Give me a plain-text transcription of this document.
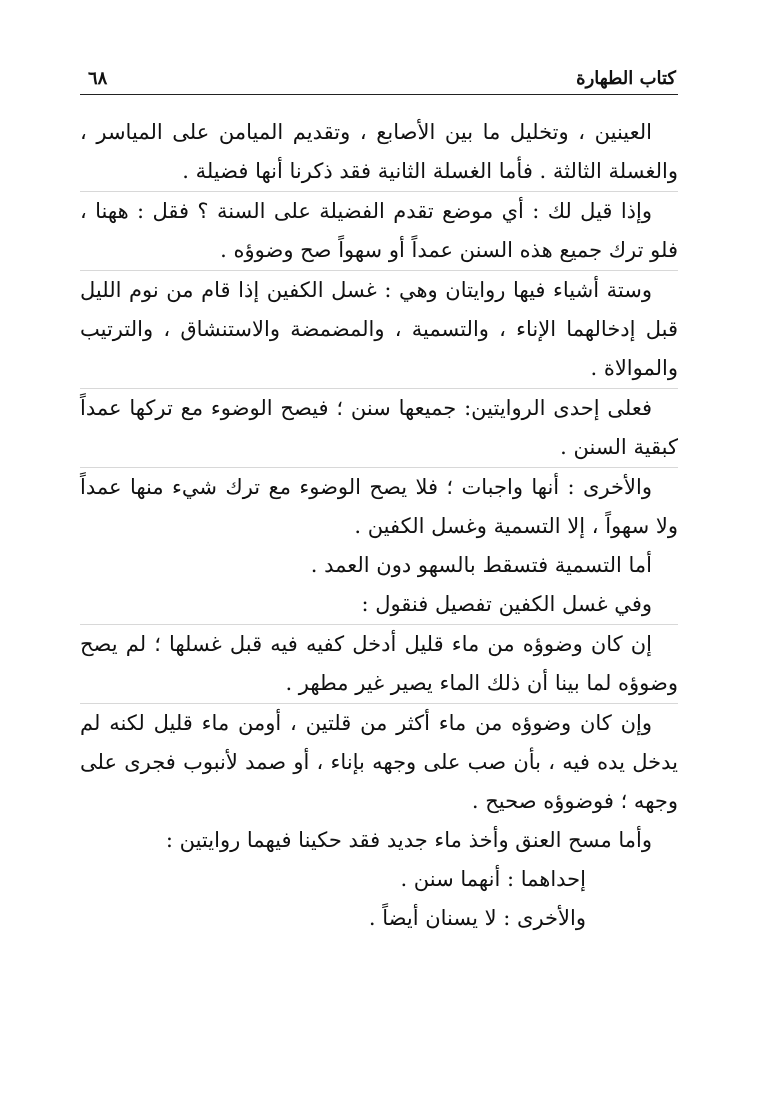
كتاب الطهارة
٦٨

العينين ، وتخليل ما بين الأصابع ، وتقديم الميامن على المياسر ، والغسلة الثالثة . فأما الغسلة الثانية فقد ذكرنا أنها فضيلة .

وإذا قيل لك : أي موضع تقدم الفضيلة على السنة ؟ فقل : ههنا ، فلو ترك جميع هذه السنن عمداً أو سهواً صح وضوؤه .

وستة أشياء فيها روايتان وهي : غسل الكفين إذا قام من نوم الليل قبل إدخالهما الإناء ، والتسمية ، والمضمضة والاستنشاق ، والترتيب والموالاة .

فعلى إحدى الروايتين: جميعها سنن ؛ فيصح الوضوء مع تركها عمداً كبقية السنن .

والأخرى : أنها واجبات ؛ فلا يصح الوضوء مع ترك شيء منها عمداً ولا سهواً ، إلا التسمية وغسل الكفين .

أما التسمية فتسقط بالسهو دون العمد .

وفي غسل الكفين تفصيل فنقول :

إن كان وضوؤه من ماء قليل أدخل كفيه فيه قبل غسلها ؛ لم يصح وضوؤه لما بينا أن ذلك الماء يصير غير مطهر .

وإن كان وضوؤه من ماء أكثر من قلتين ، أومن ماء قليل لكنه لم يدخل يده فيه ، بأن صب على وجهه بإناء ، أو صمد لأنبوب فجرى على وجهه ؛ فوضوؤه صحيح .

وأما مسح العنق وأخذ ماء جديد فقد حكينا فيهما روايتين :

إحداهما : أنهما سنن .

والأخرى : لا يسنان أيضاً .
